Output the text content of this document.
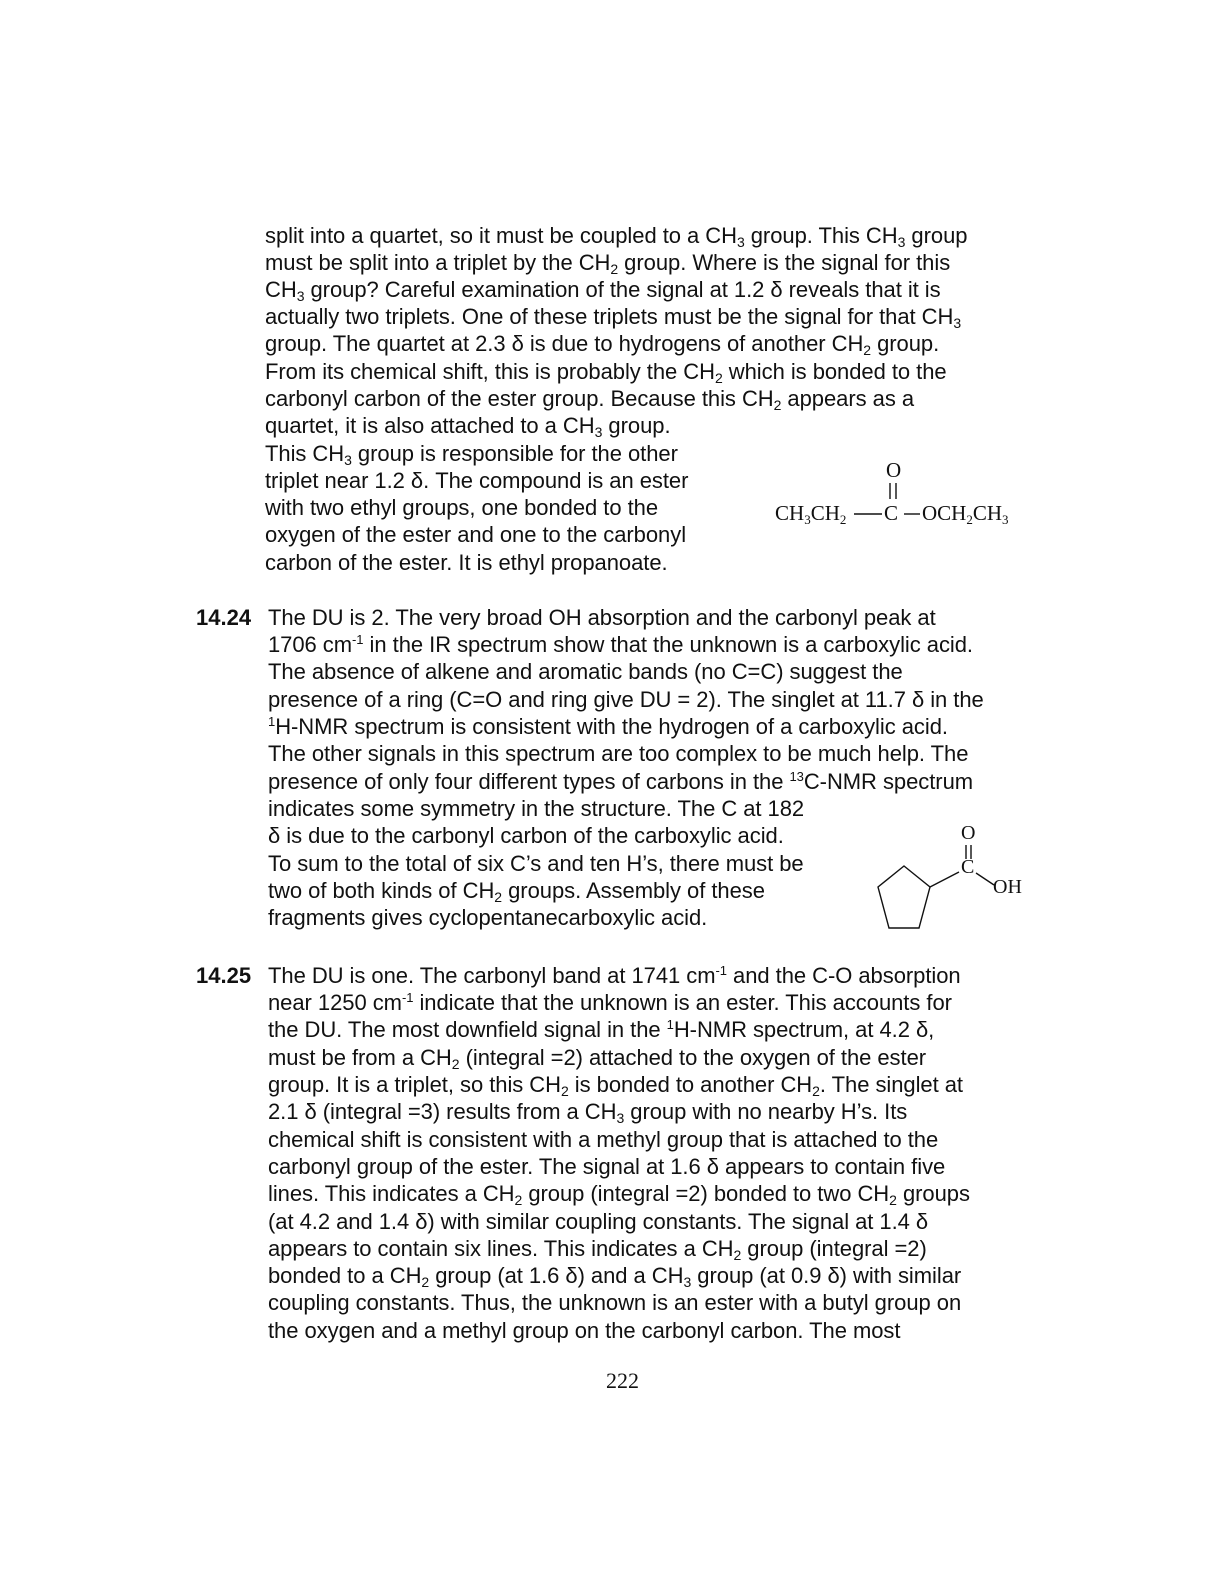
split into a quartet, so it must be coupled to a $CH_3$ group. This $CH_3$ group
must be split into a triplet by the $CH_2$ group. Where is the signal for this
$CH_3$ group? Careful examination of the signal at 1.2 δ reveals that it is
actually two triplets. One of these triplets must be the signal for that $CH_3$
group. The quartet at 2.3 δ is due to hydrogens of another $CH_2$ group.
From its chemical shift, this is probably the $CH_2$ which is bonded to the
carbonyl carbon of the ester group. Because this $CH_2$ appears as a
quartet, it is also attached to a $CH_3$ group.
This $CH_3$ group is responsible for the other
triplet near 1.2 δ. The compound is an ester
with two ethyl groups, one bonded to the
oxygen of the ester and one to the carbonyl
carbon of the ester. It is ethyl propanoate.
O
$CH_3CH_2$ C $OCH_2CH_3$
14.24 The DU is 2. The very broad OH absorption and the carbonyl peak at
1706 $cm^{-1}$ in the IR spectrum show that the unknown is a carboxylic acid.
The absence of alkene and aromatic bands (no C=C) suggest the
presence of a ring (C=O and ring give DU = 2). The singlet at 11.7 δ in the
$^1$H-NMR spectrum is consistent with the hydrogen of a carboxylic acid.
The other signals in this spectrum are too complex to be much help. The
presence of only four different types of carbons in the $^{13}$C-NMR spectrum
indicates some symmetry in the structure. The C at 182
δ is due to the carbonyl carbon of the carboxylic acid.
To sum to the total of six C’s and ten H’s, there must be
two of both kinds of $CH_2$ groups. Assembly of these
fragments gives cyclopentanecarboxylic acid.
O
C
OH
14.25 The DU is one. The carbonyl band at 1741 $cm^{-1}$ and the C-O absorption
near 1250 $cm^{-1}$ indicate that the unknown is an ester. This accounts for
the DU. The most downfield signal in the $^1$H-NMR spectrum, at 4.2 δ,
must be from a $CH_2$ (integral =2) attached to the oxygen of the ester
group. It is a triplet, so this $CH_2$ is bonded to another $CH_2$. The singlet at
2.1 δ (integral =3) results from a $CH_3$ group with no nearby H’s. Its
chemical shift is consistent with a methyl group that is attached to the
carbonyl group of the ester. The signal at 1.6 δ appears to contain five
lines. This indicates a $CH_2$ group (integral =2) bonded to two $CH_2$ groups
(at 4.2 and 1.4 δ) with similar coupling constants. The signal at 1.4 δ
appears to contain six lines. This indicates a $CH_2$ group (integral =2)
bonded to a $CH_2$ group (at 1.6 δ) and a $CH_3$ group (at 0.9 δ) with similar
coupling constants. Thus, the unknown is an ester with a butyl group on
the oxygen and a methyl group on the carbonyl carbon. The most
222
